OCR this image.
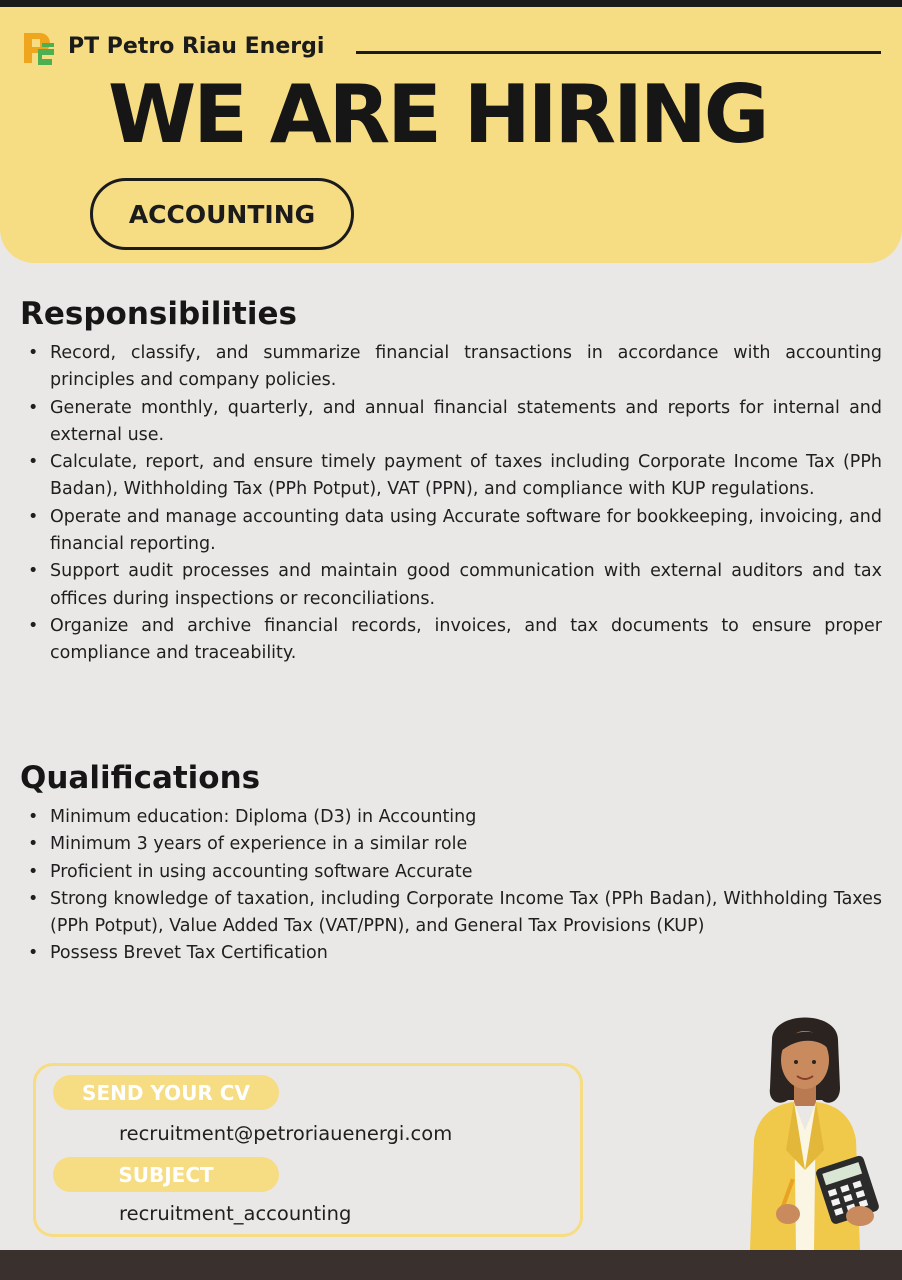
PT Petro Riau Energi
WE ARE HIRING
ACCOUNTING
Responsibilities
• Record, classify, and summarize financial transactions in accordance with accounting principles and company policies.
• Generate monthly, quarterly, and annual financial statements and reports for internal and external use.
• Calculate, report, and ensure timely payment of taxes including Corporate Income Tax (PPh Badan), Withholding Tax (PPh Potput), VAT (PPN), and compliance with KUP regulations.
• Operate and manage accounting data using Accurate software for bookkeeping, invoicing, and financial reporting.
• Support audit processes and maintain good communication with external auditors and tax offices during inspections or reconciliations.
• Organize and archive financial records, invoices, and tax documents to ensure proper compliance and traceability.
Qualifications
• Minimum education: Diploma (D3) in Accounting
• Minimum 3 years of experience in a similar role
• Proficient in using accounting software Accurate
• Strong knowledge of taxation, including Corporate Income Tax (PPh Badan), Withholding Taxes (PPh Potput), Value Added Tax (VAT/PPN), and General Tax Provisions (KUP)
• Possess Brevet Tax Certification
SEND YOUR CV
recruitment@petroriauenergi.com
SUBJECT
recruitment_accounting
